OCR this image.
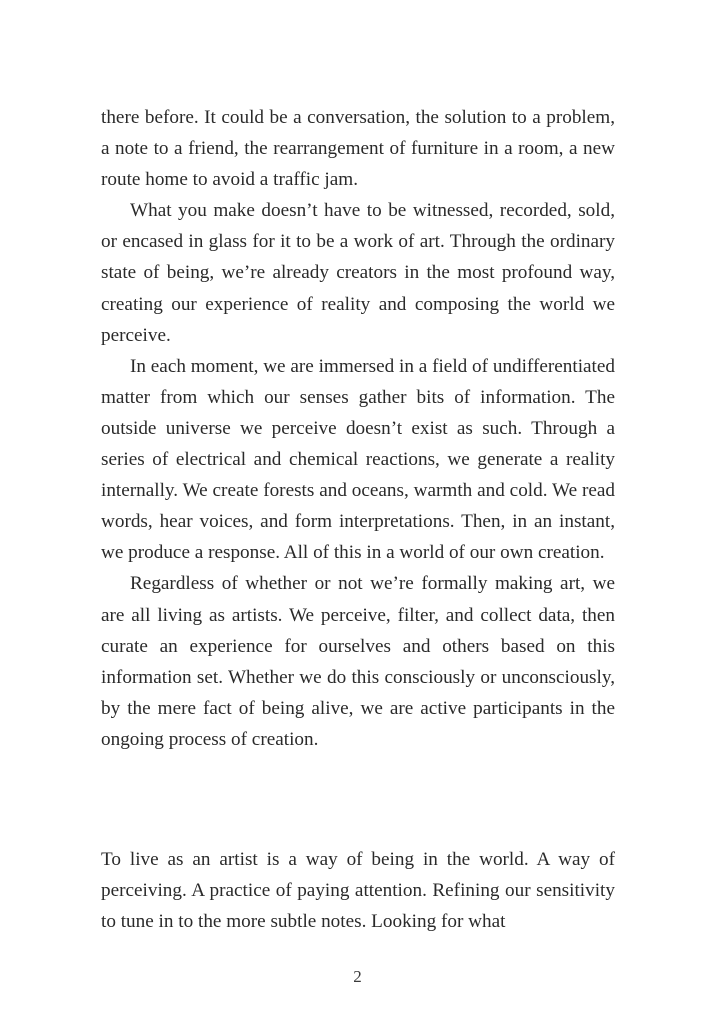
there before. It could be a conversation, the solution to a problem, a note to a friend, the rearrangement of furniture in a room, a new route home to avoid a traffic jam.

What you make doesn’t have to be witnessed, recorded, sold, or encased in glass for it to be a work of art. Through the ordinary state of being, we’re already creators in the most profound way, creating our experience of reality and composing the world we perceive.

In each moment, we are immersed in a field of undifferentiated matter from which our senses gather bits of information. The outside universe we perceive doesn’t exist as such. Through a series of electrical and chemical reactions, we generate a reality internally. We create forests and oceans, warmth and cold. We read words, hear voices, and form interpretations. Then, in an instant, we produce a response. All of this in a world of our own creation.

Regardless of whether or not we’re formally making art, we are all living as artists. We perceive, filter, and collect data, then curate an experience for ourselves and others based on this information set. Whether we do this consciously or unconsciously, by the mere fact of being alive, we are active participants in the ongoing process of creation.

To live as an artist is a way of being in the world. A way of perceiving. A practice of paying attention. Refining our sensitivity to tune in to the more subtle notes. Looking for what

2
